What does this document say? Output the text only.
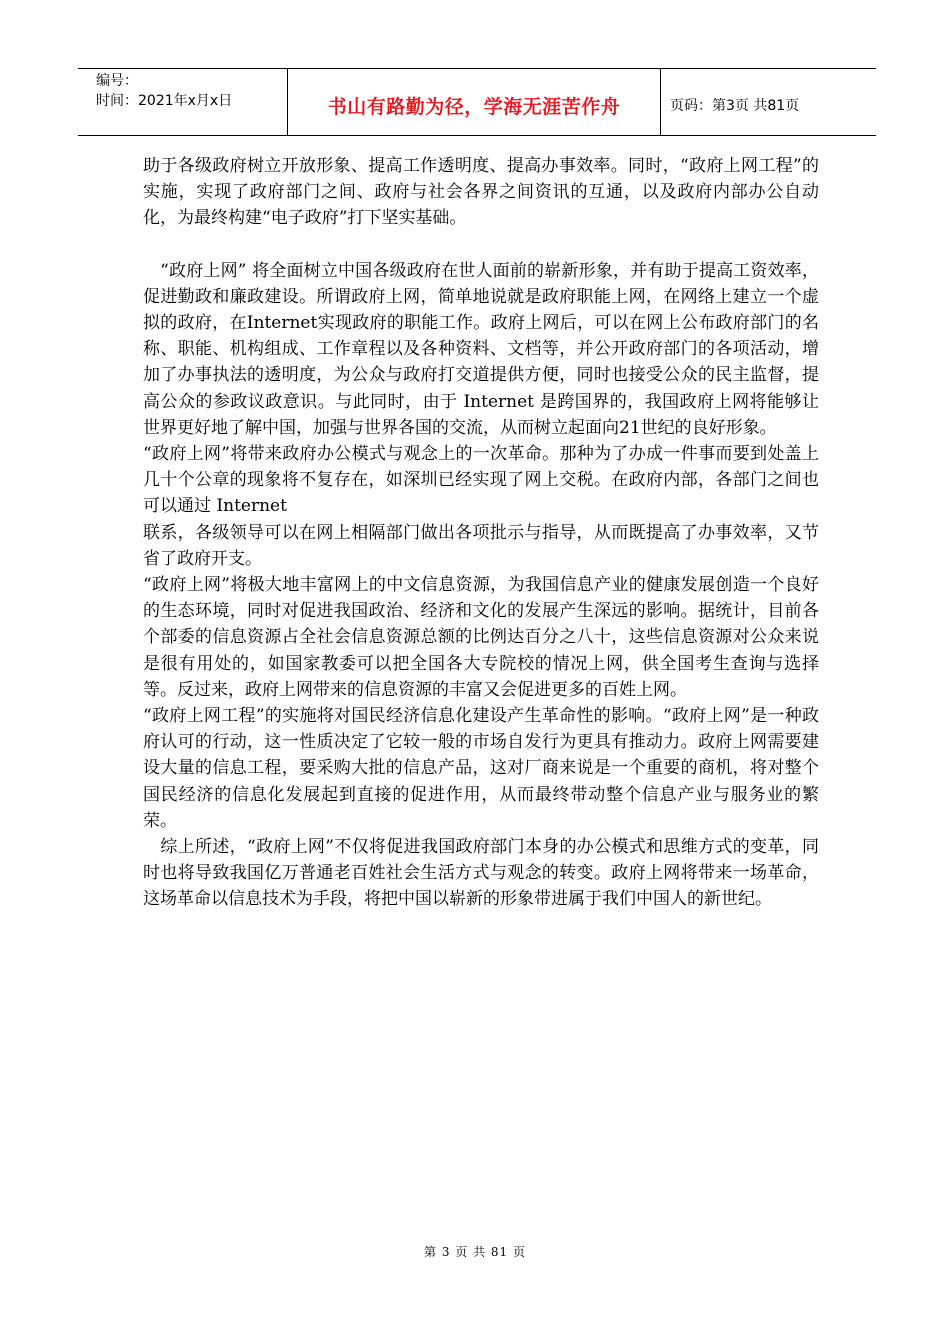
编号：
时间：2021年x月x日	书山有路勤为径，学海无涯苦作舟	页码：第3页 共81页

助于各级政府树立开放形象、提高工作透明度、提高办事效率。同时，“政府上网工程”的实施，实现了政府部门之间、政府与社会各界之间资讯的互通，以及政府内部办公自动化，为最终构建“电子政府”打下坚实基础。

　“政府上网” 将全面树立中国各级政府在世人面前的崭新形象，并有助于提高工资效率，促进勤政和廉政建设。所谓政府上网，简单地说就是政府职能上网，在网络上建立一个虚拟的政府，在Internet实现政府的职能工作。政府上网后，可以在网上公布政府部门的名称、职能、机构组成、工作章程以及各种资料、文档等，并公开政府部门的各项活动，增加了办事执法的透明度，为公众与政府打交道提供方便，同时也接受公众的民主监督，提高公众的参政议政意识。与此同时，由于 Internet 是跨国界的，我国政府上网将能够让世界更好地了解中国，加强与世界各国的交流，从而树立起面向21世纪的良好形象。

“政府上网”将带来政府办公模式与观念上的一次革命。那种为了办成一件事而要到处盖上几十个公章的现象将不复存在，如深圳已经实现了网上交税。在政府内部，各部门之间也可以通过 Internet

联系，各级领导可以在网上相隔部门做出各项批示与指导，从而既提高了办事效率，又节省了政府开支。

“政府上网”将极大地丰富网上的中文信息资源，为我国信息产业的健康发展创造一个良好的生态环境，同时对促进我国政治、经济和文化的发展产生深远的影响。据统计，目前各个部委的信息资源占全社会信息资源总额的比例达百分之八十，这些信息资源对公众来说是很有用处的，如国家教委可以把全国各大专院校的情况上网，供全国考生查询与选择等。反过来，政府上网带来的信息资源的丰富又会促进更多的百姓上网。

“政府上网工程”的实施将对国民经济信息化建设产生革命性的影响。“政府上网”是一种政府认可的行动，这一性质决定了它较一般的市场自发行为更具有推动力。政府上网需要建设大量的信息工程，要采购大批的信息产品，这对厂商来说是一个重要的商机，将对整个国民经济的信息化发展起到直接的促进作用，从而最终带动整个信息产业与服务业的繁荣。

　综上所述，“政府上网”不仅将促进我国政府部门本身的办公模式和思维方式的变革，同时也将导致我国亿万普通老百姓社会生活方式与观念的转变。政府上网将带来一场革命，这场革命以信息技术为手段，将把中国以崭新的形象带进属于我们中国人的新世纪。

第 3 页 共 81 页
